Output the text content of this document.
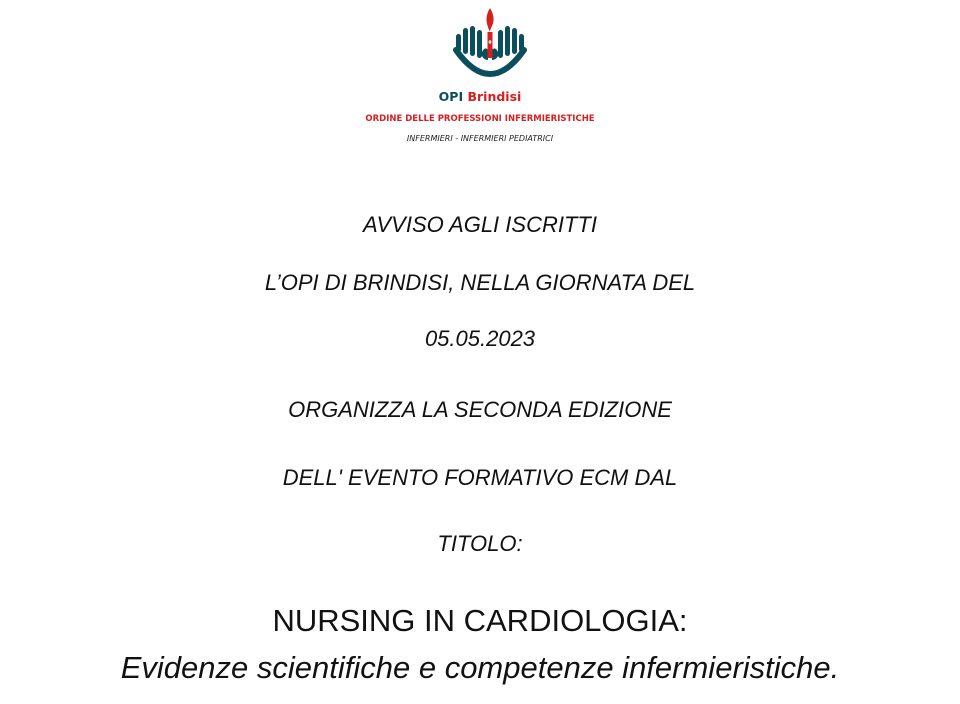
OPI Brindisi
ORDINE DELLE PROFESSIONI INFERMIERISTICHE
INFERMIERI - INFERMIERI PEDIATRICI
AVVISO AGLI ISCRITTI
L’OPI DI BRINDISI, NELLA GIORNATA DEL
05.05.2023
ORGANIZZA LA SECONDA EDIZIONE
DELL' EVENTO FORMATIVO ECM DAL
TITOLO:
NURSING IN CARDIOLOGIA:
Evidenze scientifiche e competenze infermieristiche.
